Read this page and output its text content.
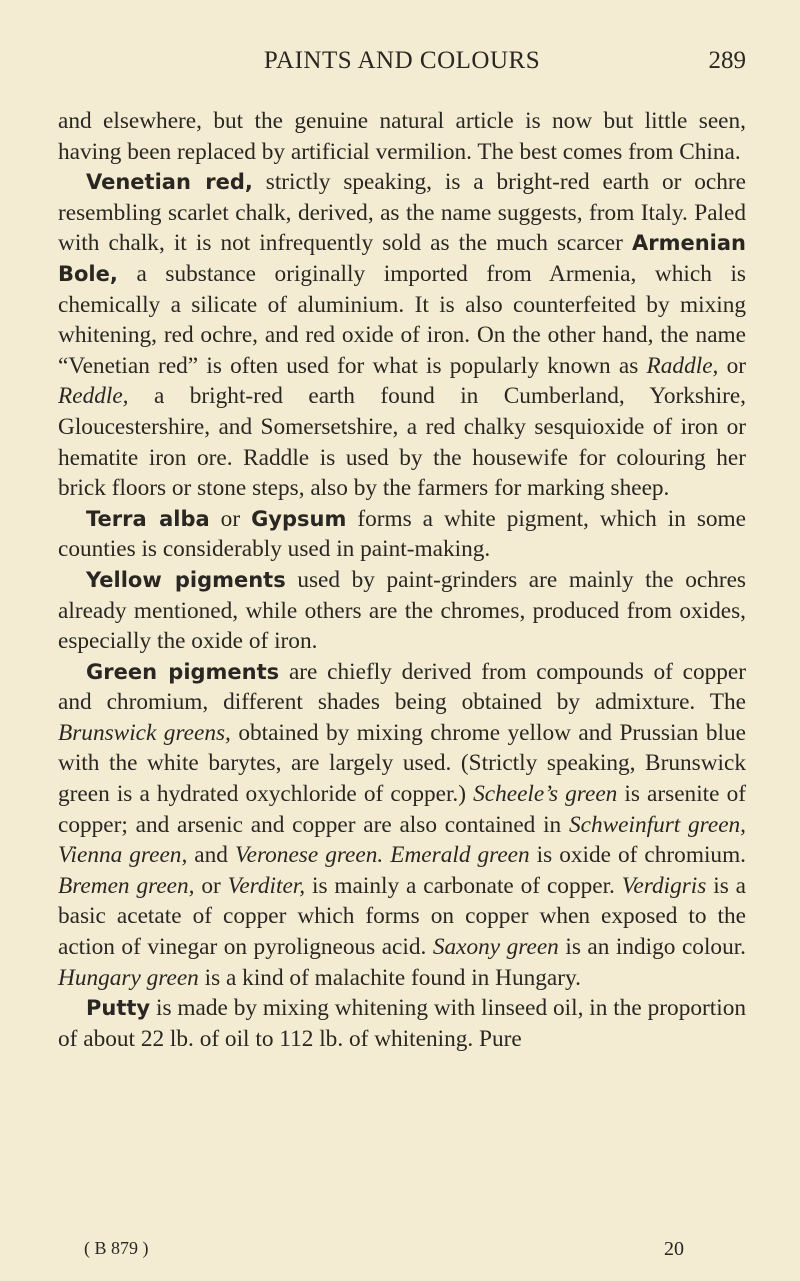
PAINTS AND COLOURS	289

and elsewhere, but the genuine natural article is now but little seen, having been replaced by artificial vermilion. The best comes from China.

Venetian red, strictly speaking, is a bright-red earth or ochre resembling scarlet chalk, derived, as the name suggests, from Italy. Paled with chalk, it is not infrequently sold as the much scarcer Armenian Bole, a substance originally imported from Armenia, which is chemically a silicate of aluminium. It is also counterfeited by mixing whitening, red ochre, and red oxide of iron. On the other hand, the name “Venetian red” is often used for what is popularly known as Raddle, or Reddle, a bright-red earth found in Cumberland, Yorkshire, Gloucestershire, and Somersetshire, a red chalky sesquioxide of iron or hematite iron ore. Raddle is used by the housewife for colouring her brick floors or stone steps, also by the farmers for marking sheep.

Terra alba or Gypsum forms a white pigment, which in some counties is considerably used in paint-making.

Yellow pigments used by paint-grinders are mainly the ochres already mentioned, while others are the chromes, produced from oxides, especially the oxide of iron.

Green pigments are chiefly derived from compounds of copper and chromium, different shades being obtained by admixture. The Brunswick greens, obtained by mixing chrome yellow and Prussian blue with the white barytes, are largely used. (Strictly speaking, Brunswick green is a hydrated oxychloride of copper.) Scheele’s green is arsenite of copper; and arsenic and copper are also contained in Schweinfurt green, Vienna green, and Veronese green. Emerald green is oxide of chromium. Bremen green, or Verditer, is mainly a carbonate of copper. Verdigris is a basic acetate of copper which forms on copper when exposed to the action of vinegar on pyroligneous acid. Saxony green is an indigo colour. Hungary green is a kind of malachite found in Hungary.

Putty is made by mixing whitening with linseed oil, in the proportion of about 22 lb. of oil to 112 lb. of whitening. Pure

( B 879 )	20
